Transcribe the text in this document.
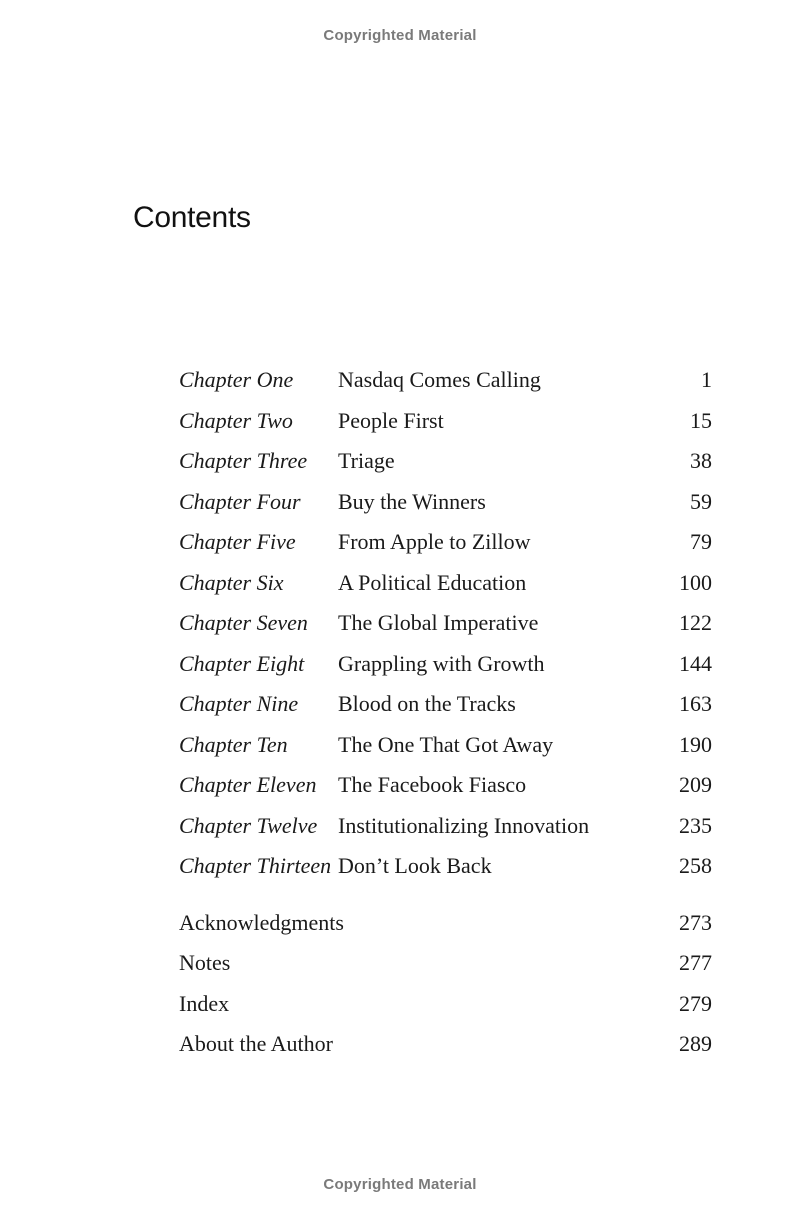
Copyrighted Material
Contents
Chapter One Nasdaq Comes Calling	1
Chapter Two People First	15
Chapter Three Triage	38
Chapter Four Buy the Winners	59
Chapter Five From Apple to Zillow	79
Chapter Six A Political Education	100
Chapter Seven The Global Imperative	122
Chapter Eight Grappling with Growth	144
Chapter Nine Blood on the Tracks	163
Chapter Ten The One That Got Away	190
Chapter Eleven The Facebook Fiasco	209
Chapter Twelve Institutionalizing Innovation	235
Chapter Thirteen Don’t Look Back	258
Acknowledgments	273
Notes	277
Index	279
About the Author	289
Copyrighted Material
